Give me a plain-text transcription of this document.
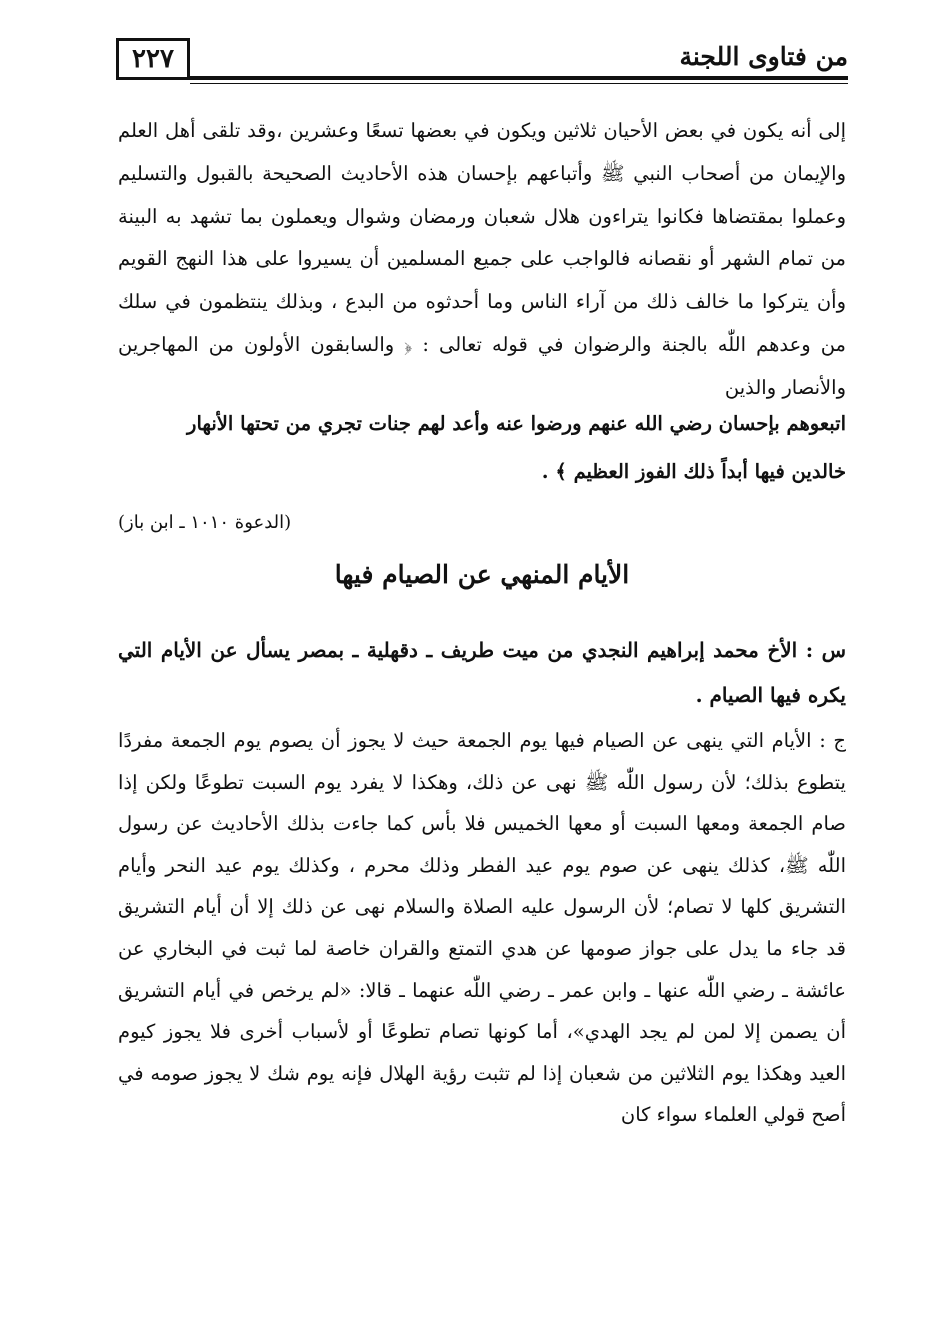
٢٢٧	من فتاوى اللجنة
إلى أنه يكون في بعض الأحيان ثلاثين ويكون في بعضها تسعًا وعشرين ،وقد تلقى أهل العلم والإيمان من أصحاب النبي ﷺ وأتباعهم بإحسان هذه الأحاديث الصحيحة بالقبول والتسليم وعملوا بمقتضاها فكانوا يتراءون هلال شعبان ورمضان وشوال ويعملون بما تشهد به البينة من تمام الشهر أو نقصانه فالواجب على جميع المسلمين أن يسيروا على هذا النهج القويم وأن يتركوا ما خالف ذلك من آراء الناس وما أحدثوه من البدع ، وبذلك ينتظمون في سلك من وعدهم اللّٰه بالجنة والرضوان في قوله تعالى : ﴿ والسابقون الأولون من المهاجرين والأنصار والذين
اتبعوهم بإحسان رضي الله عنهم ورضوا عنه وأعد لهم جنات تجري من تحتها الأنهار
خالدين فيها أبداً ذلك الفوز العظيم ﴾ .
(الدعوة ١٠١٠ ـ ابن باز)
الأيام المنهي عن الصيام فيها
س : الأخ محمد إبراهيم النجدي من ميت طريف ـ دقهلية ـ بمصر يسأل عن الأيام التي يكره فيها الصيام .
ج : الأيام التي ينهى عن الصيام فيها يوم الجمعة حيث لا يجوز أن يصوم يوم الجمعة مفردًا يتطوع بذلك؛ لأن رسول اللّٰه ﷺ نهى عن ذلك، وهكذا لا يفرد يوم السبت تطوعًا ولكن إذا صام الجمعة ومعها السبت أو معها الخميس فلا بأس كما جاءت بذلك الأحاديث عن رسول اللّٰه ﷺ، كذلك ينهى عن صوم يوم عيد الفطر وذلك محرم ، وكذلك يوم عيد النحر وأيام التشريق كلها لا تصام؛ لأن الرسول عليه الصلاة والسلام نهى عن ذلك إلا أن أيام التشريق قد جاء ما يدل على جواز صومها عن هدي التمتع والقران خاصة لما ثبت في البخاري عن عائشة ـ رضي اللّٰه عنها ـ وابن عمر ـ رضي اللّٰه عنهما ـ قالا: «لم يرخص في أيام التشريق أن يصمن إلا لمن لم يجد الهدي»، أما كونها تصام تطوعًا أو لأسباب أخرى فلا يجوز كيوم العيد وهكذا يوم الثلاثين من شعبان إذا لم تثبت رؤية الهلال فإنه يوم شك لا يجوز صومه في أصح قولي العلماء سواء كان
